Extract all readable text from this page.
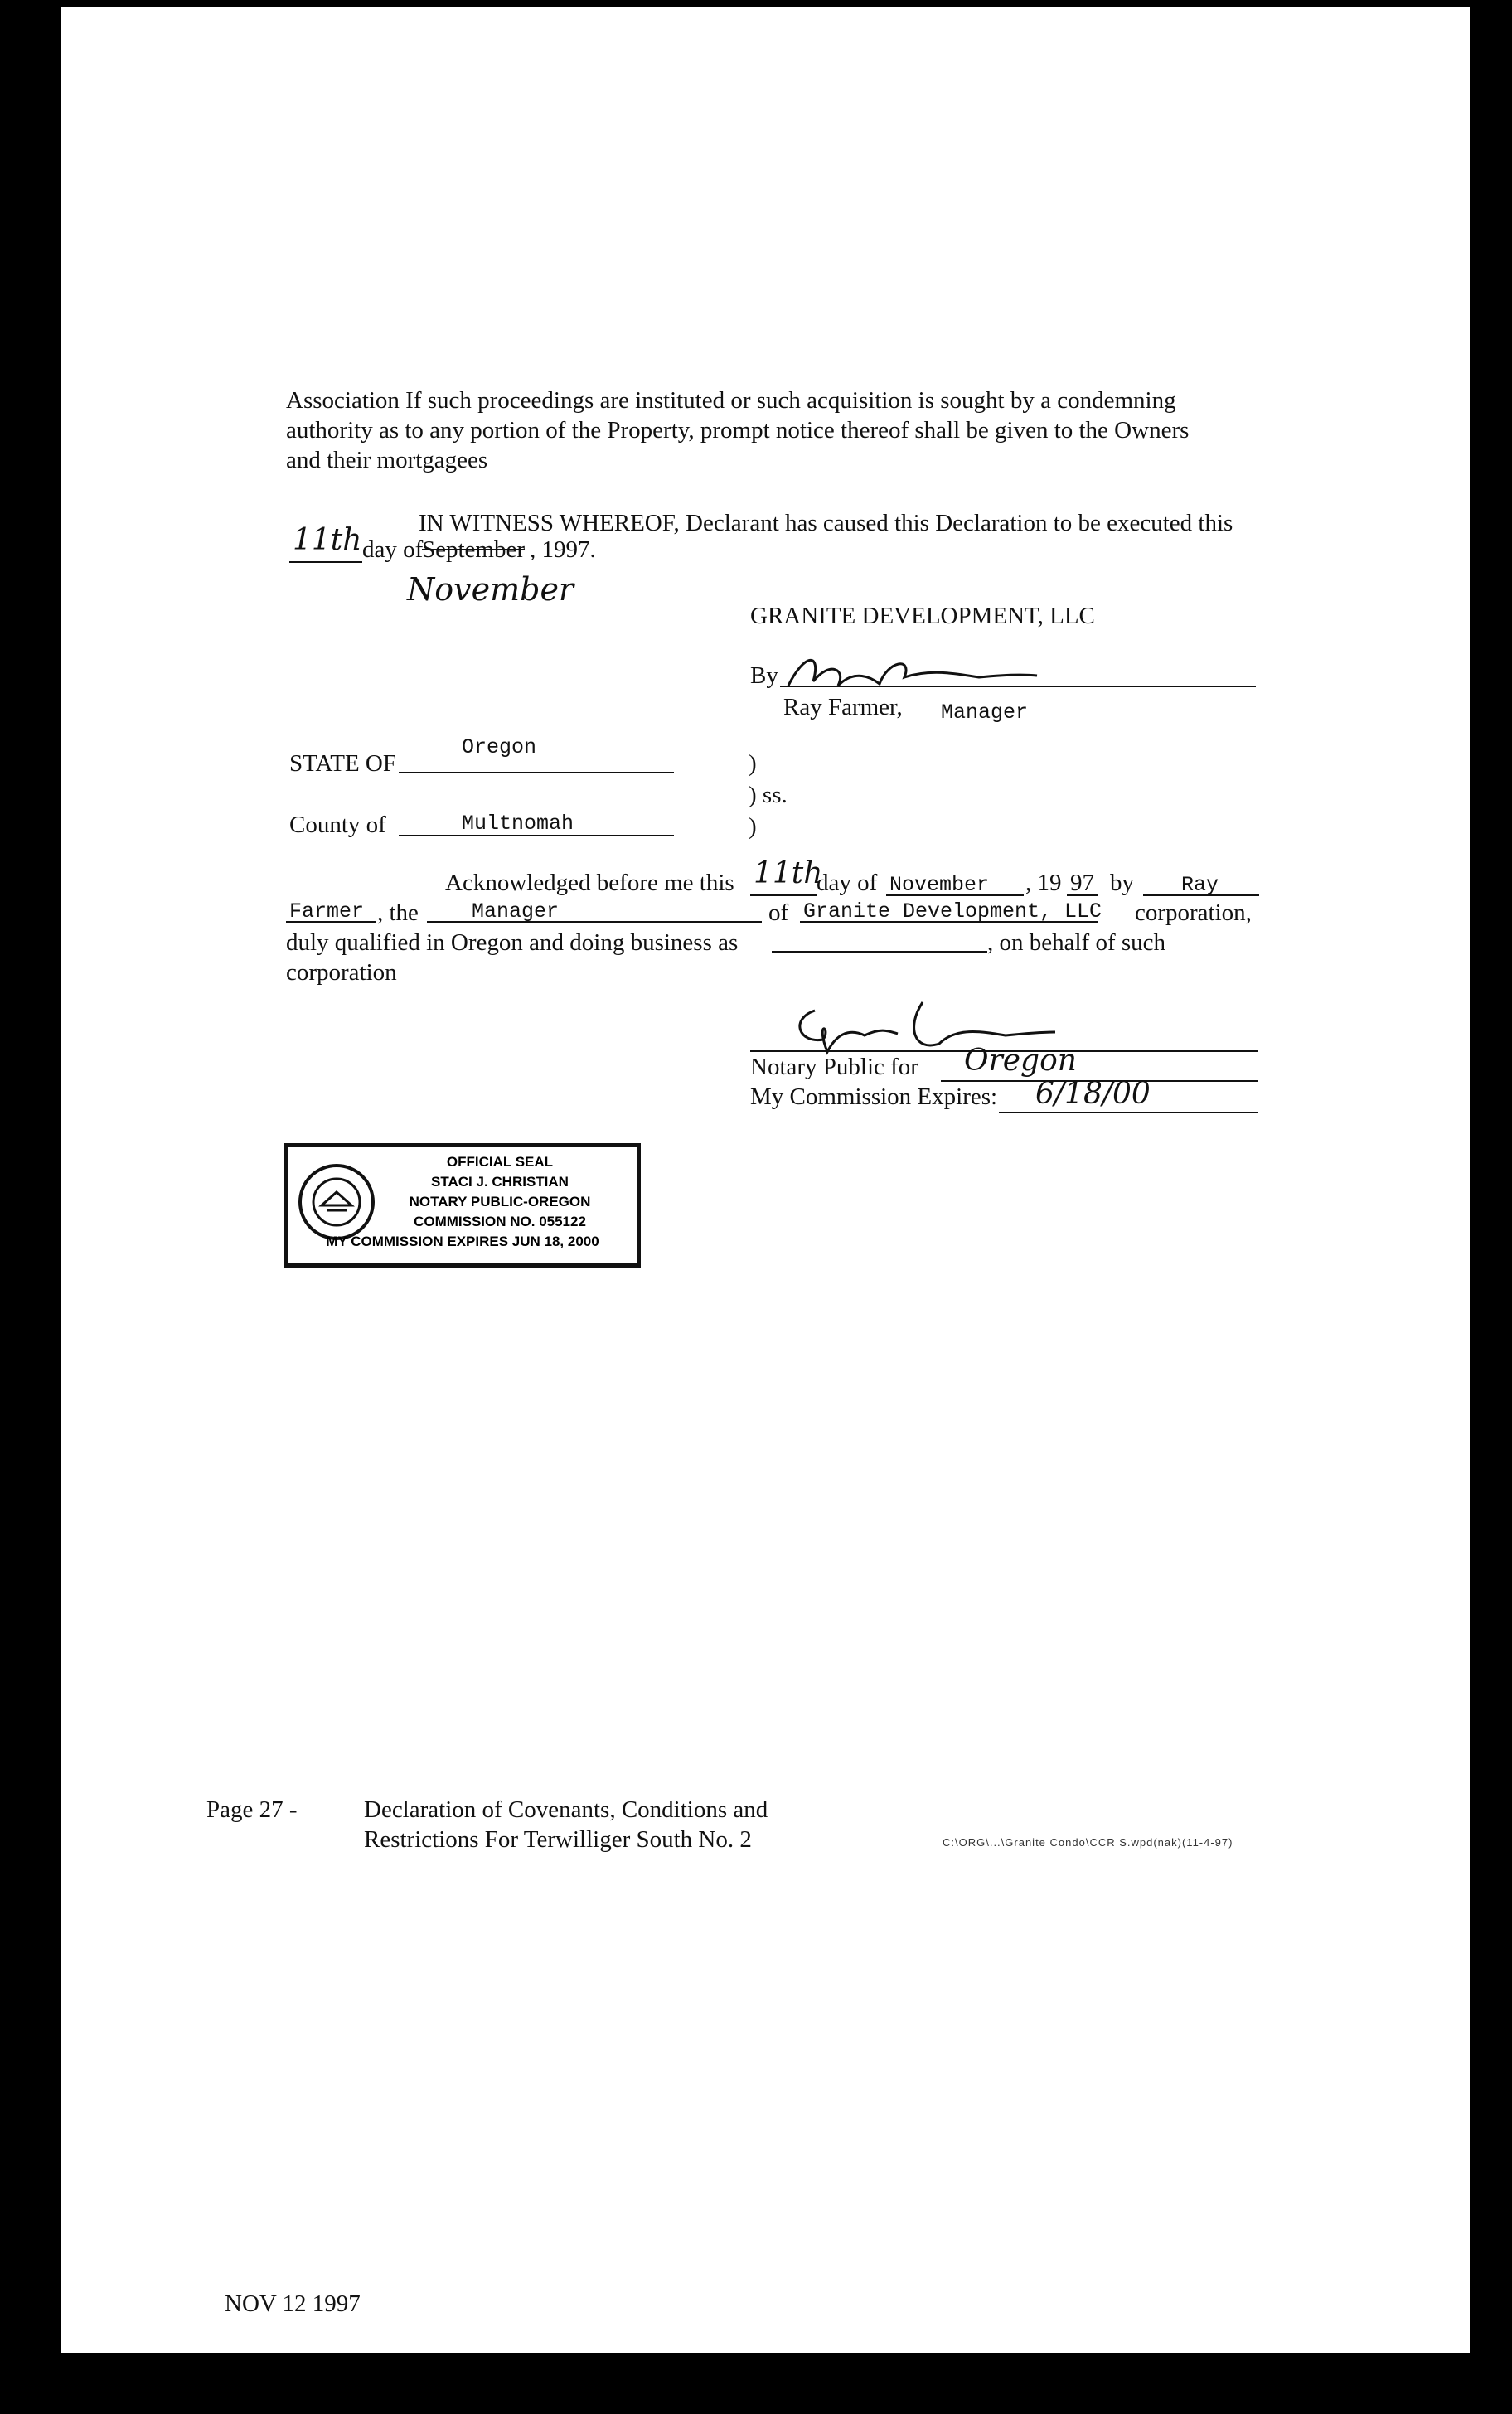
Association If such proceedings are instituted or such acquisition is sought by a condemning
authority as to any portion of the Property, prompt notice thereof shall be given to the Owners
and their mortgagees
IN WITNESS WHEREOF, Declarant has caused this Declaration to be executed this
11th day of
September , 1997.
November
GRANITE DEVELOPMENT, LLC
By
Ray Farmer, Manager
STATE OF
Oregon
)
) ss.
County of	Multnomah	)
Acknowledged before me this 11th
day of November , 19 97 by Ray
Farmer , the	Manager	of Granite Development, LLC corporation,
duly qualified in Oregon and doing business as	, on behalf of such
corporation
Notary Public for Oregon
My Commission Expires: 6/18/00
OFFICIAL SEAL
STACI J. CHRISTIAN
NOTARY PUBLIC-OREGON
COMMISSION NO. 055122
MY COMMISSION EXPIRES JUN 18, 2000
Page 27 -	Declaration of Covenants, Conditions and
Restrictions For Terwilliger South No. 2	C:\ORG\...\Granite Condo\CCR S.wpd(nak)(11-4-97)
NOV 12 1997
